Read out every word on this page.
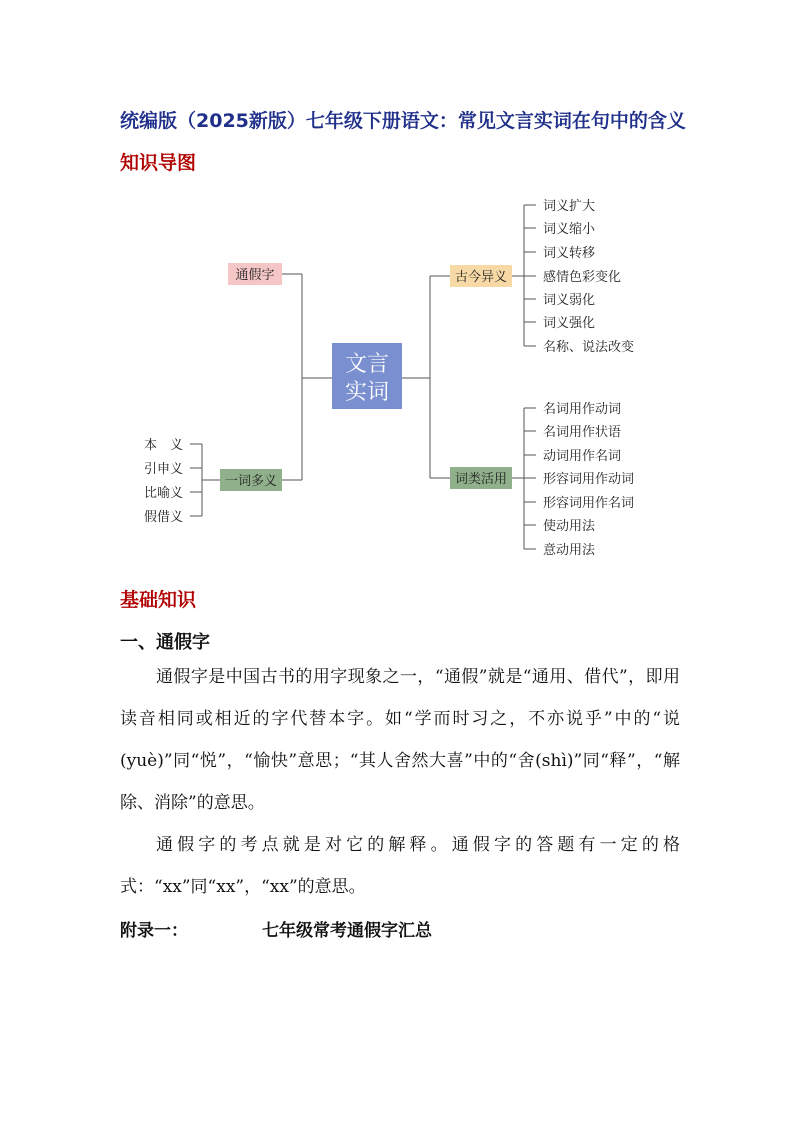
统编版（2025新版）七年级下册语文：常见文言实词在句中的含义
知识导图
文言
实词
通假字
一词多义
古今异义
词类活用
词义扩大
词义缩小
词义转移
感情色彩变化
词义弱化
词义强化
名称、说法改变
名词用作动词
名词用作状语
动词用作名词
形容词用作动词
形容词用作名词
使动用法
意动用法
本　义
引申义
比喻义
假借义
基础知识
一、通假字

通假字是中国古书的用字现象之一，“通假”就是“通用、借代”，即用读音相同或相近的字代替本字。如“学而时习之，不亦说乎”中的“说(yuè)”同“悦”，“愉快”意思；“其人舍然大喜”中的“舍(shì)”同“释”，“解除、消除”的意思。

通假字的考点就是对它的解释。通假字的答题有一定的格式：“xx”同“xx”，“xx”的意思。

附录一：	七年级常考通假字汇总
